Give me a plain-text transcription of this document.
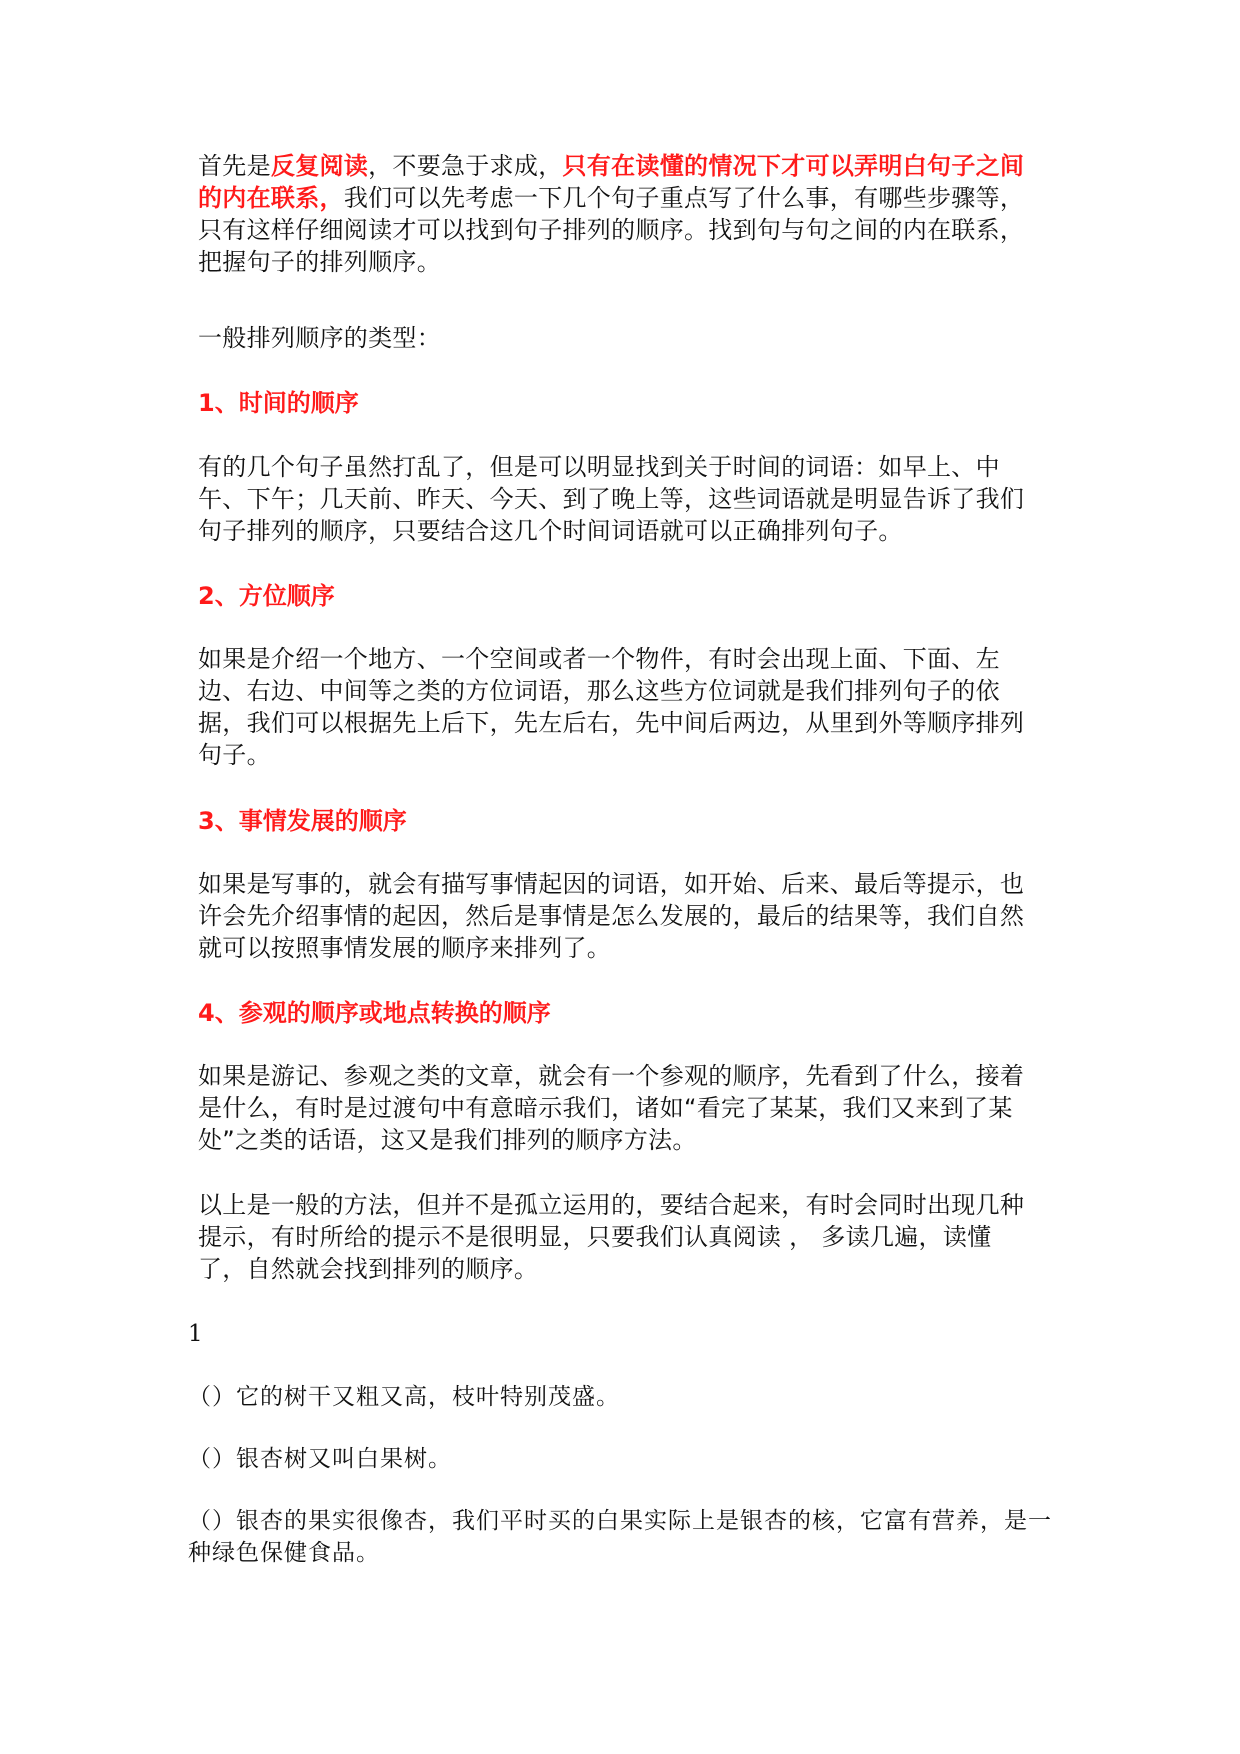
首先是反复阅读，不要急于求成，只有在读懂的情况下才可以弄明白句子之间的内在联系，我们可以先考虑一下几个句子重点写了什么事，有哪些步骤等，只有这样仔细阅读才可以找到句子排列的顺序。找到句与句之间的内在联系，把握句子的排列顺序。

一般排列顺序的类型：

1、时间的顺序

有的几个句子虽然打乱了，但是可以明显找到关于时间的词语：如早上、中午、下午；几天前、昨天、今天、到了晚上等，这些词语就是明显告诉了我们句子排列的顺序，只要结合这几个时间词语就可以正确排列句子。

2、方位顺序

如果是介绍一个地方、一个空间或者一个物件，有时会出现上面、下面、左边、右边、中间等之类的方位词语，那么这些方位词就是我们排列句子的依据，我们可以根据先上后下，先左后右，先中间后两边，从里到外等顺序排列句子。

3、事情发展的顺序

如果是写事的，就会有描写事情起因的词语，如开始、后来、最后等提示，也许会先介绍事情的起因，然后是事情是怎么发展的，最后的结果等，我们自然就可以按照事情发展的顺序来排列了。

4、参观的顺序或地点转换的顺序

如果是游记、参观之类的文章，就会有一个参观的顺序，先看到了什么，接着是什么，有时是过渡句中有意暗示我们，诸如“看完了某某，我们又来到了某处”之类的话语，这又是我们排列的顺序方法。

以上是一般的方法，但并不是孤立运用的，要结合起来，有时会同时出现几种提示，有时所给的提示不是很明显，只要我们认真阅读 ， 多读几遍，读懂了，自然就会找到排列的顺序。

1

（）它的树干又粗又高，枝叶特别茂盛。

（）银杏树又叫白果树。

（）银杏的果实很像杏，我们平时买的白果实际上是银杏的核，它富有营养，是一种绿色保健食品。
